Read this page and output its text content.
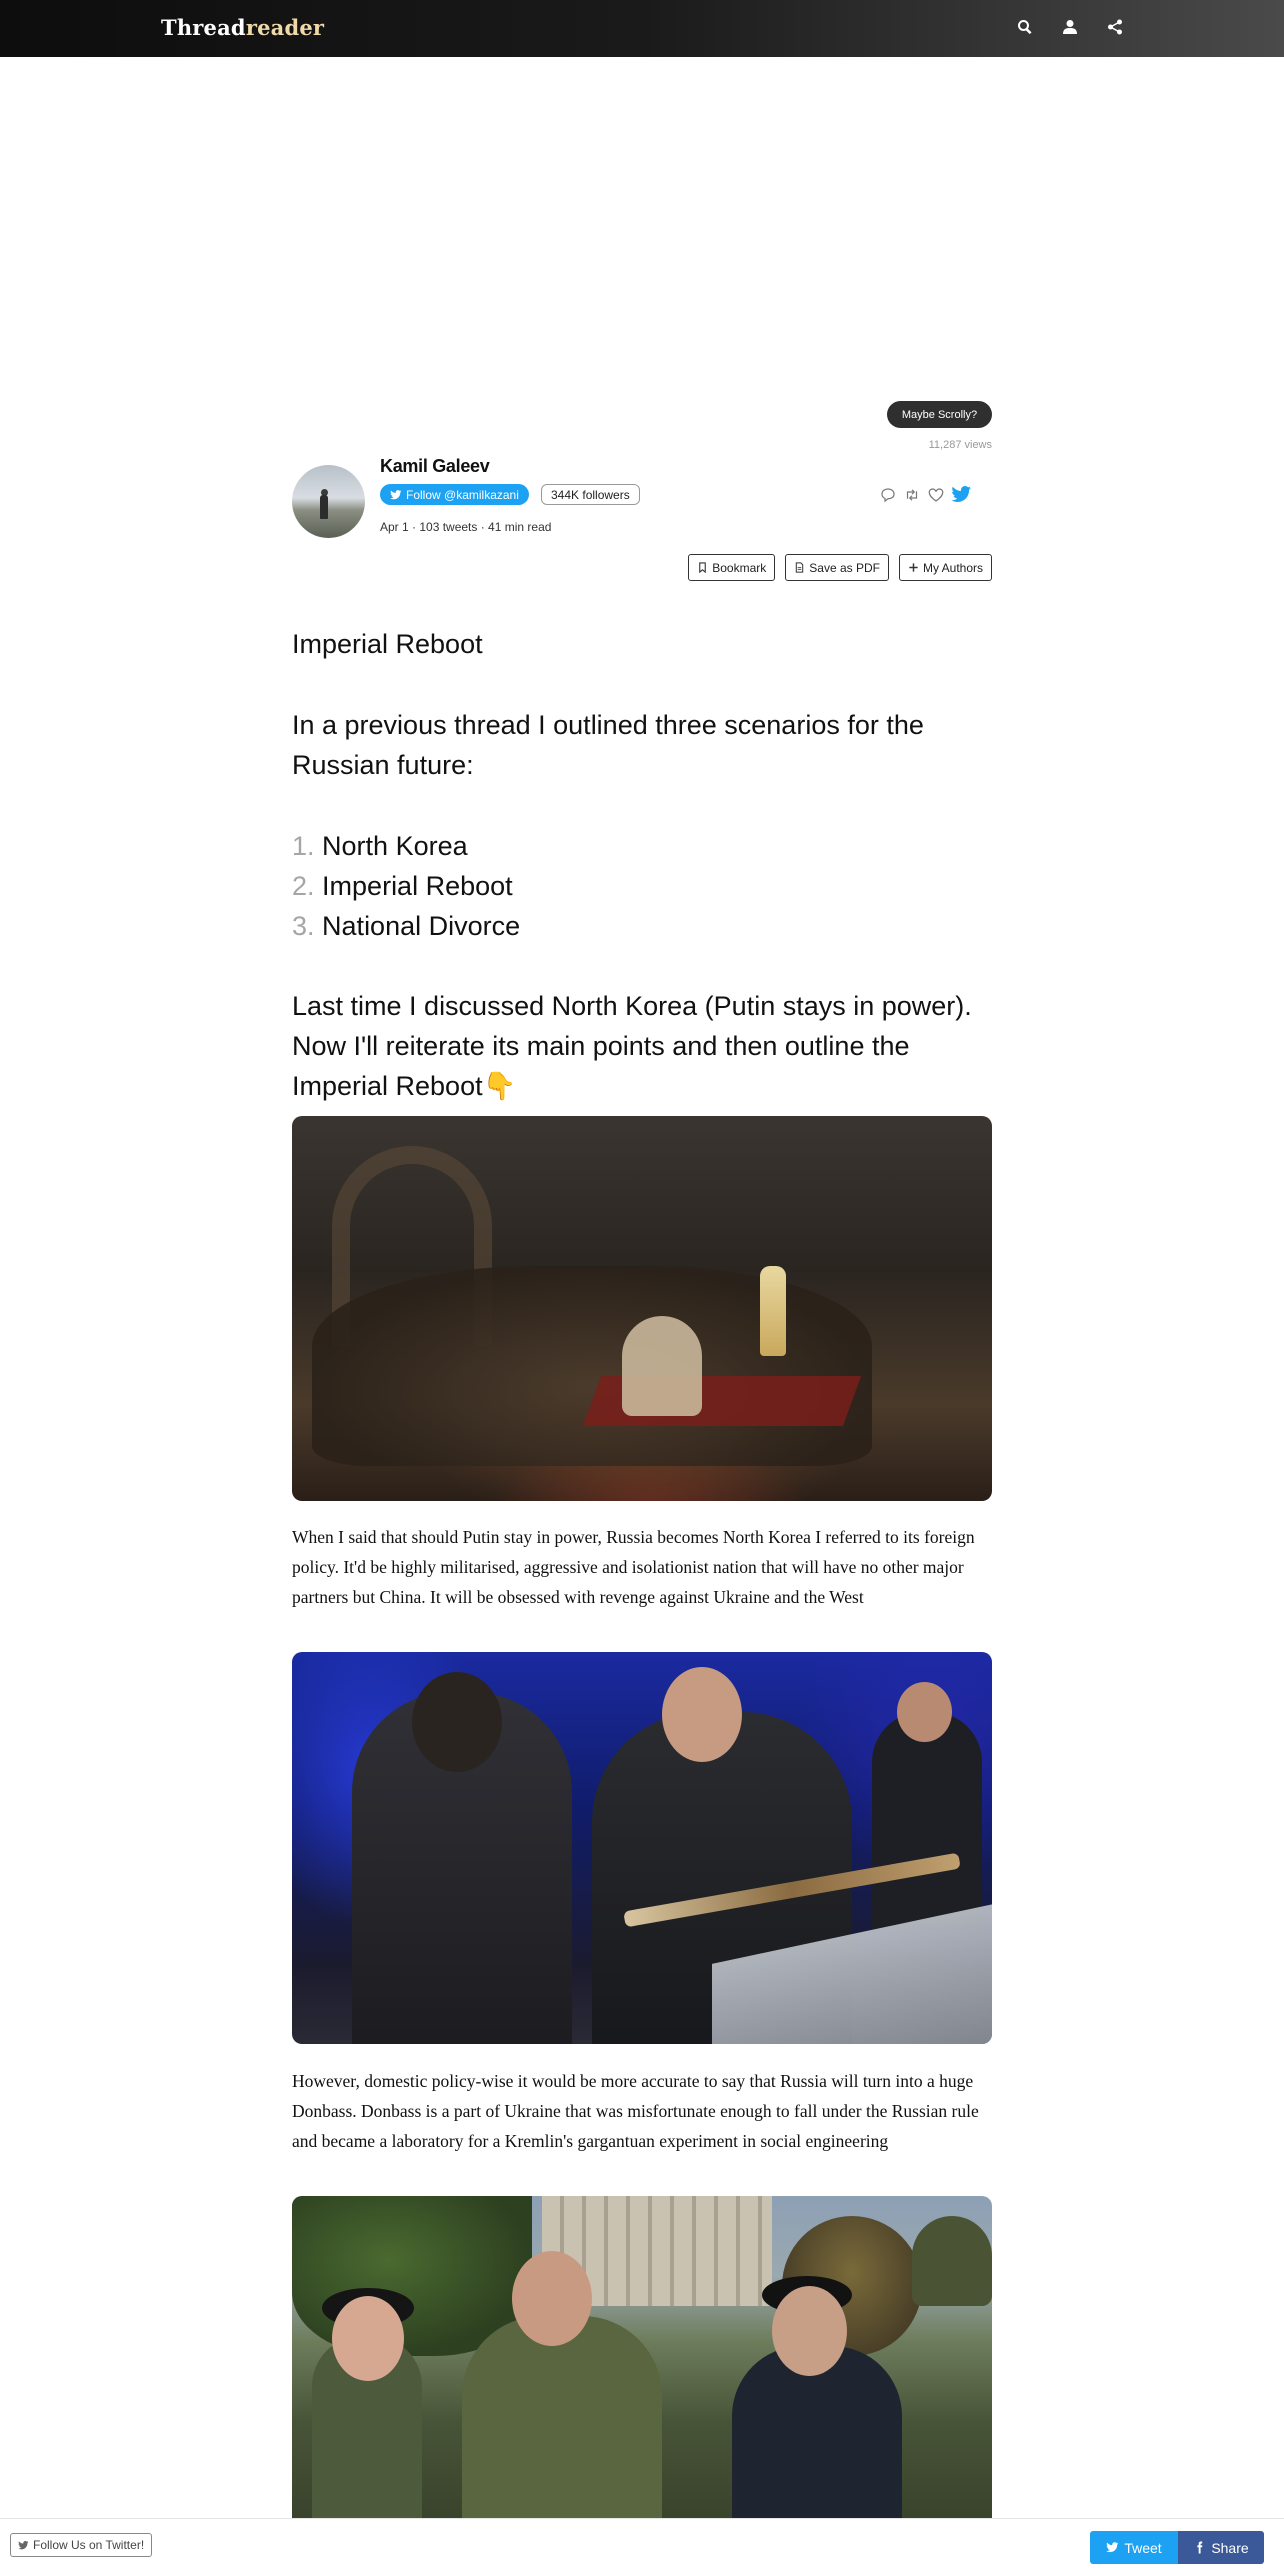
Threadreader
Maybe Scrolly?
11,287 views
Kamil Galeev
Follow @kamilkazani	344K followers
Apr 1 · 103 tweets · 41 min read
Bookmark	Save as PDF	My Authors
Imperial Reboot
In a previous thread I outlined three scenarios for the Russian future:
1. North Korea
2. Imperial Reboot
3. National Divorce
Last time I discussed North Korea (Putin stays in power). Now I'll reiterate its main points and then outline the Imperial Reboot👇
When I said that should Putin stay in power, Russia becomes North Korea I referred to its foreign policy. It'd be highly militarised, aggressive and isolationist nation that will have no other major partners but China. It will be obsessed with revenge against Ukraine and the West
However, domestic policy-wise it would be more accurate to say that Russia will turn into a huge Donbass. Donbass is a part of Ukraine that was misfortunate enough to fall under the Russian rule and became a laboratory for a Kremlin's gargantuan experiment in social engineering
Follow Us on Twitter!	Tweet	Share
